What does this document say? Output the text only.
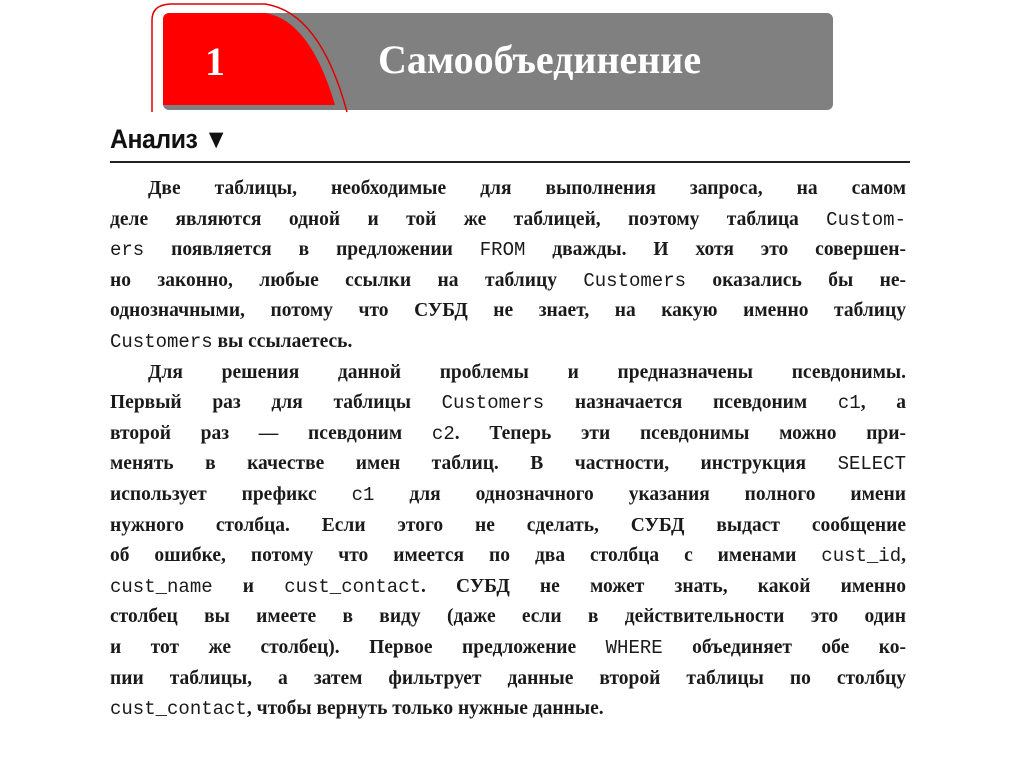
1	Самообъединение
Анализ ▼
Две таблицы, необходимые для выполнения запроса, на самом
деле являются одной и той же таблицей, поэтому таблица Custom-
ers появляется в предложении FROM дважды. И хотя это совершен-
но законно, любые ссылки на таблицу Customers оказались бы не-
однозначными, потому что СУБД не знает, на какую именно таблицу
Customers вы ссылаетесь.
Для решения данной проблемы и предназначены псевдонимы.
Первый раз для таблицы Customers назначается псевдоним c1, а
второй раз — псевдоним c2. Теперь эти псевдонимы можно при-
менять в качестве имен таблиц. В частности, инструкция SELECT
использует префикс c1 для однозначного указания полного имени
нужного столбца. Если этого не сделать, СУБД выдаст сообщение
об ошибке, потому что имеется по два столбца с именами cust_id,
cust_name и cust_contact. СУБД не может знать, какой именно
столбец вы имеете в виду (даже если в действительности это один
и тот же столбец). Первое предложение WHERE объединяет обе ко-
пии таблицы, а затем фильтрует данные второй таблицы по столбцу
cust_contact, чтобы вернуть только нужные данные.
